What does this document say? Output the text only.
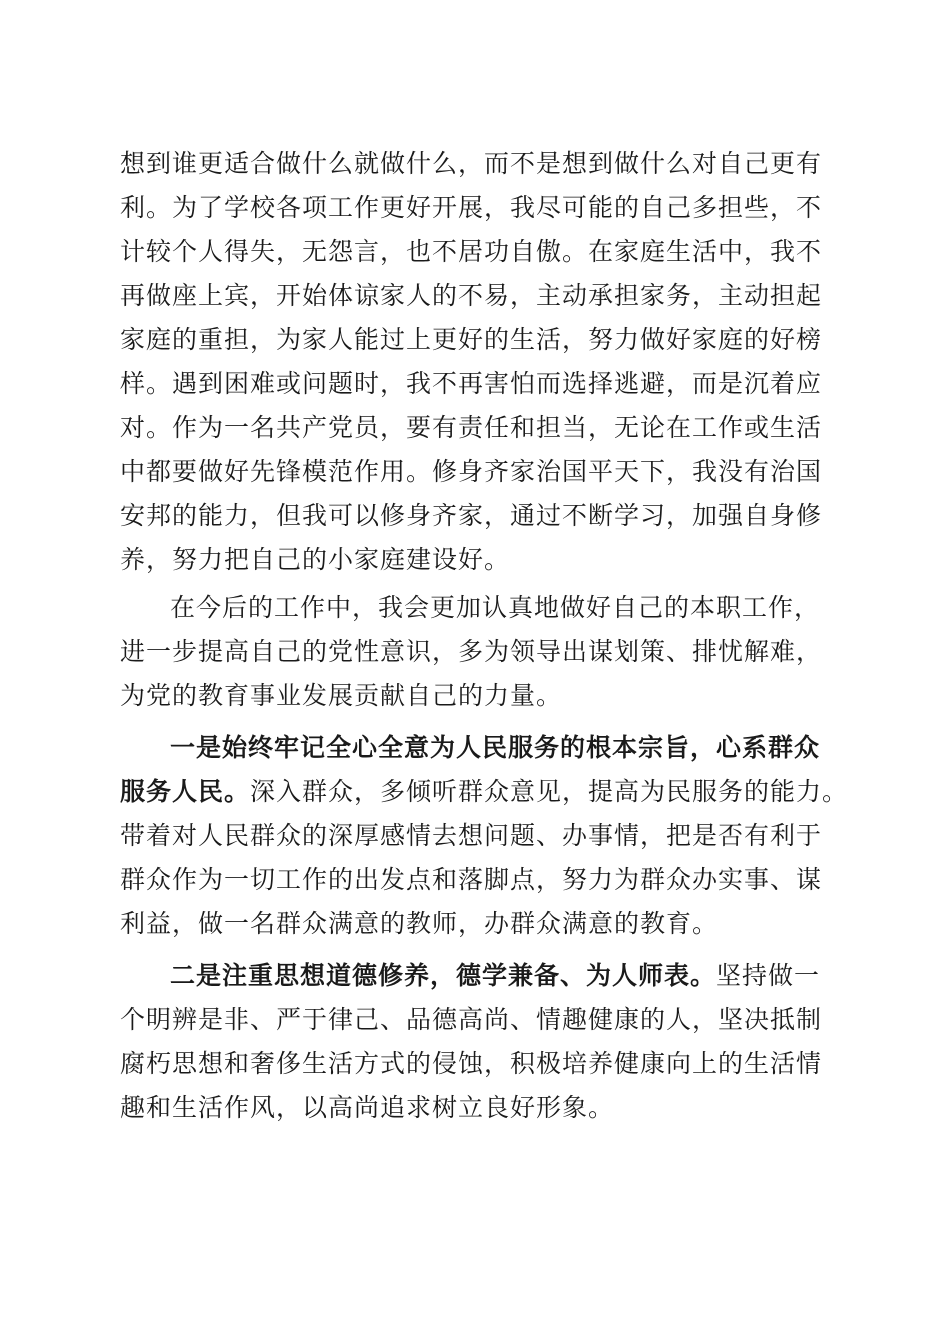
想到谁更适合做什么就做什么，而不是想到做什么对自己更有
利。为了学校各项工作更好开展，我尽可能的自己多担些，不
计较个人得失，无怨言，也不居功自傲。在家庭生活中，我不
再做座上宾，开始体谅家人的不易，主动承担家务，主动担起
家庭的重担，为家人能过上更好的生活，努力做好家庭的好榜
样。遇到困难或问题时，我不再害怕而选择逃避，而是沉着应
对。作为一名共产党员，要有责任和担当，无论在工作或生活
中都要做好先锋模范作用。修身齐家治国平天下，我没有治国
安邦的能力，但我可以修身齐家，通过不断学习，加强自身修
养，努力把自己的小家庭建设好。
在今后的工作中，我会更加认真地做好自己的本职工作，
进一步提高自己的党性意识，多为领导出谋划策、排忧解难，
为党的教育事业发展贡献自己的力量。
一是始终牢记全心全意为人民服务的根本宗旨，心系群众
服务人民。深入群众，多倾听群众意见，提高为民服务的能力。
带着对人民群众的深厚感情去想问题、办事情，把是否有利于
群众作为一切工作的出发点和落脚点，努力为群众办实事、谋
利益，做一名群众满意的教师，办群众满意的教育。
二是注重思想道德修养，德学兼备、为人师表。坚持做一
个明辨是非、严于律己、品德高尚、情趣健康的人，坚决抵制
腐朽思想和奢侈生活方式的侵蚀，积极培养健康向上的生活情
趣和生活作风，以高尚追求树立良好形象。
